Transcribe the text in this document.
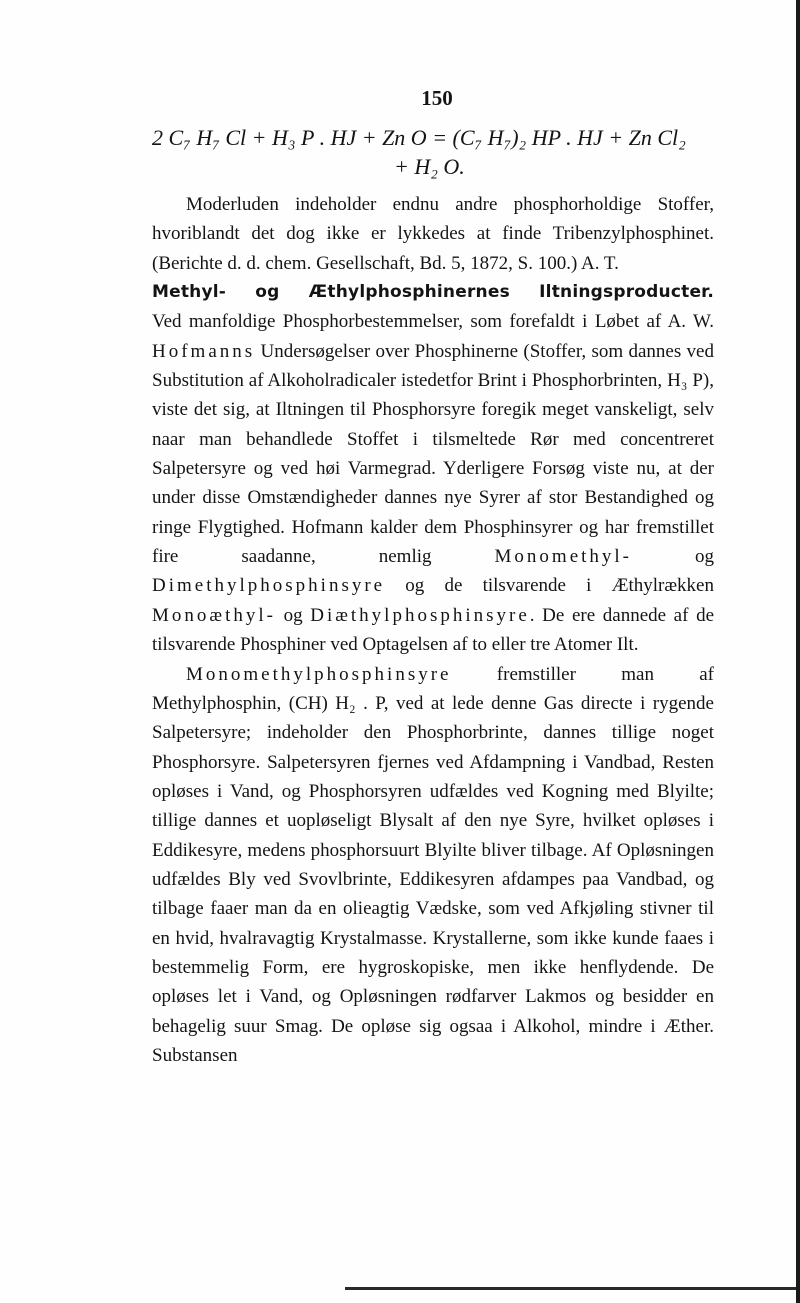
150
2 C₇ H₇ Cl + H₃ P . HJ + Zn O = (C₇ H₇)₂ HP . HJ + Zn Cl₂
+ H₂ O.

Moderluden indeholder endnu andre phosphorholdige Stoffer, hvoriblandt det dog ikke er lykkedes at finde Tribenzylphosphinet. (Berichte d. d. chem. Gesellschaft, Bd. 5, 1872, S. 100.) A. T.

Methyl- og Æthylphosphinernes Iltningsproducter.
Ved manfoldige Phosphorbestemmelser, som forefaldt i Løbet af A. W. Hofmanns Undersøgelser over Phosphinerne (Stoffer, som dannes ved Substitution af Alkoholradicaler istedetfor Brint i Phosphorbrinten, H₃ P), viste det sig, at Iltningen til Phosphorsyre foregik meget vanskeligt, selv naar man behandlede Stoffet i tilsmeltede Rør med concentreret Salpetersyre og ved høi Varmegrad. Yderligere Forsøg viste nu, at der under disse Omstændigheder dannes nye Syrer af stor Bestandighed og ringe Flygtighed. Hofmann kalder dem Phosphinsyrer og har fremstillet fire saadanne, nemlig Monomethyl- og Dimethylphosphinsyre og de tilsvarende i Æthylrækken Monoæthyl- og Diæthylphosphinsyre. De ere dannede af de tilsvarende Phosphiner ved Optagelsen af to eller tre Atomer Ilt.

Monomethylphosphinsyre fremstiller man af Methylphosphin, (CH) H₂ . P, ved at lede denne Gas directe i rygende Salpetersyre; indeholder den Phosphorbrinte, dannes tillige noget Phosphorsyre. Salpetersyren fjernes ved Afdampning i Vandbad, Resten opløses i Vand, og Phosphorsyren udfældes ved Kogning med Blyilte; tillige dannes et uopløseligt Blysalt af den nye Syre, hvilket opløses i Eddikesyre, medens phosphorsuurt Blyilte bliver tilbage. Af Opløsningen udfældes Bly ved Svovlbrinte, Eddikesyren afdampes paa Vandbad, og tilbage faaer man da en olieagtig Vædske, som ved Afkjøling stivner til en hvid, hvalravagtig Krystalmasse. Krystallerne, som ikke kunde faaes i bestemmelig Form, ere hygroskopiske, men ikke henflydende. De opløses let i Vand, og Opløsningen rødfarver Lakmos og besidder en behagelig suur Smag. De opløse sig ogsaa i Alkohol, mindre i Æther. Substansen
